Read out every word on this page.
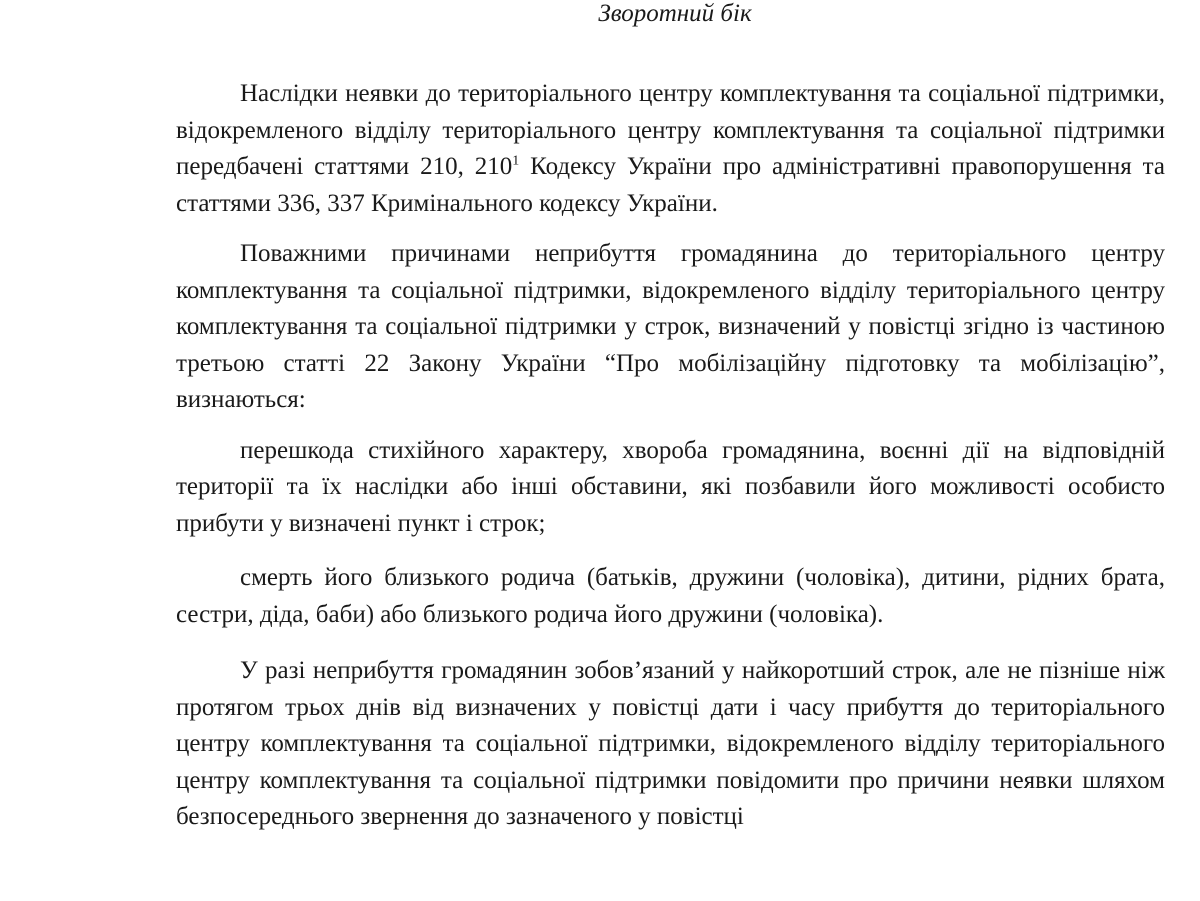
Зворотний бік

Наслідки неявки до територіального центру комплектування та соціальної підтримки, відокремленого відділу територіального центру комплектування та соціальної підтримки передбачені статтями 210, $210^1$ Кодексу України про адміністративні правопорушення та статтями 336, 337 Кримінального кодексу України.

Поважними причинами неприбуття громадянина до територіального центру комплектування та соціальної підтримки, відокремленого відділу територіального центру комплектування та соціальної підтримки у строк, визначений у повістці згідно із частиною третьою статті 22 Закону України “Про мобілізаційну підготовку та мобілізацію”, визнаються:

перешкода стихійного характеру, хвороба громадянина, воєнні дії на відповідній території та їх наслідки або інші обставини, які позбавили його можливості особисто прибути у визначені пункт і строк;

смерть його близького родича (батьків, дружини (чоловіка), дитини, рідних брата, сестри, діда, баби) або близького родича його дружини (чоловіка).

У разі неприбуття громадянин зобов’язаний у найкоротший строк, але не пізніше ніж протягом трьох днів від визначених у повістці дати і часу прибуття до територіального центру комплектування та соціальної підтримки, відокремленого відділу територіального центру комплектування та соціальної підтримки повідомити про причини неявки шляхом безпосереднього звернення до зазначеного у повістці
